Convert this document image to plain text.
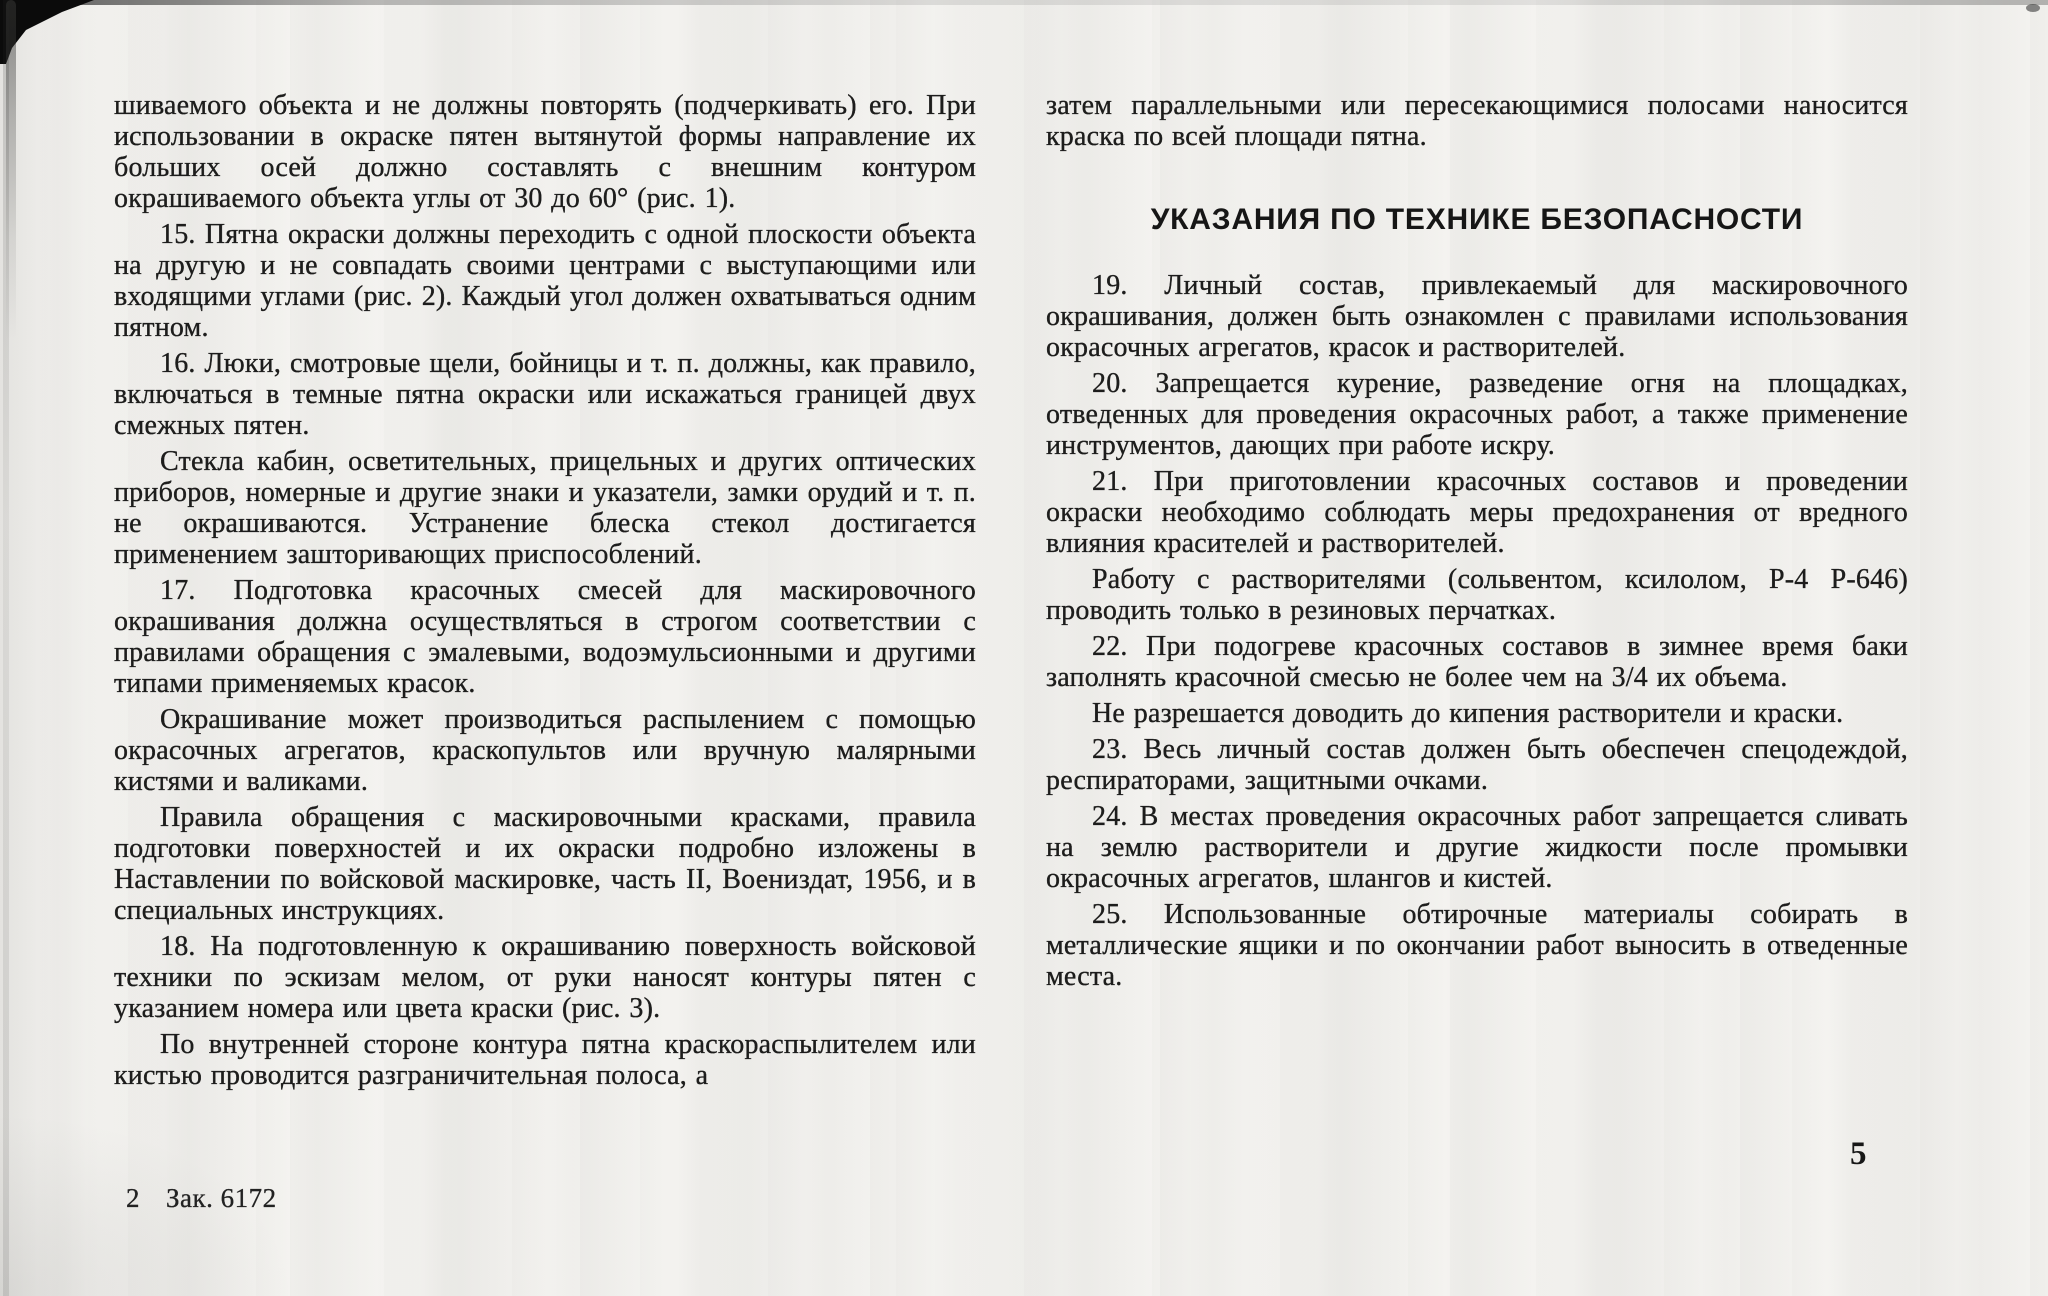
шиваемого объекта и не должны повторять (подчеркивать) его. При использовании в окраске пятен вытянутой формы направление их больших осей должно составлять с внешним контуром окрашиваемого объекта углы от 30 до 60° (рис. 1).

15. Пятна окраски должны переходить с одной плоскости объекта на другую и не совпадать своими центрами с выступающими или входящими углами (рис. 2). Каждый угол должен охватываться одним пятном.

16. Люки, смотровые щели, бойницы и т. п. должны, как правило, включаться в темные пятна окраски или искажаться границей двух смежных пятен.

Стекла кабин, осветительных, прицельных и других оптических приборов, номерные и другие знаки и указатели, замки орудий и т. п. не окрашиваются. Устранение блеска стекол достигается применением зашторивающих приспособлений.

17. Подготовка красочных смесей для маскировочного окрашивания должна осуществляться в строгом соответствии с правилами обращения с эмалевыми, водоэмульсионными и другими типами применяемых красок.

Окрашивание может производиться распылением с помощью окрасочных агрегатов, краскопультов или вручную малярными кистями и валиками.

Правила обращения с маскировочными красками, правила подготовки поверхностей и их окраски подробно изложены в Наставлении по войсковой маскировке, часть II, Воениздат, 1956, и в специальных инструкциях.

18. На подготовленную к окрашиванию поверхность войсковой техники по эскизам мелом, от руки наносят контуры пятен с указанием номера или цвета краски (рис. 3).

По внутренней стороне контура пятна краскораспылителем или кистью проводится разграничительная полоса, а

затем параллельными или пересекающимися полосами наносится краска по всей площади пятна.

УКАЗАНИЯ ПО ТЕХНИКЕ БЕЗОПАСНОСТИ

19. Личный состав, привлекаемый для маскировочного окрашивания, должен быть ознакомлен с правилами использования окрасочных агрегатов, красок и растворителей.

20. Запрещается курение, разведение огня на площадках, отведенных для проведения окрасочных работ, а также применение инструментов, дающих при работе искру.

21. При приготовлении красочных составов и проведении окраски необходимо соблюдать меры предохранения от вредного влияния красителей и растворителей.

Работу с растворителями (сольвентом, ксилолом, Р-4 Р-646) проводить только в резиновых перчатках.

22. При подогреве красочных составов в зимнее время баки заполнять красочной смесью не более чем на 3/4 их объема.

Не разрешается доводить до кипения растворители и краски.

23. Весь личный состав должен быть обеспечен спецодеждой, респираторами, защитными очками.

24. В местах проведения окрасочных работ запрещается сливать на землю растворители и другие жидкости после промывки окрасочных агрегатов, шлангов и кистей.

25. Использованные обтирочные материалы собирать в металлические ящики и по окончании работ выносить в отведенные места.

2 Зак. 6172
5
